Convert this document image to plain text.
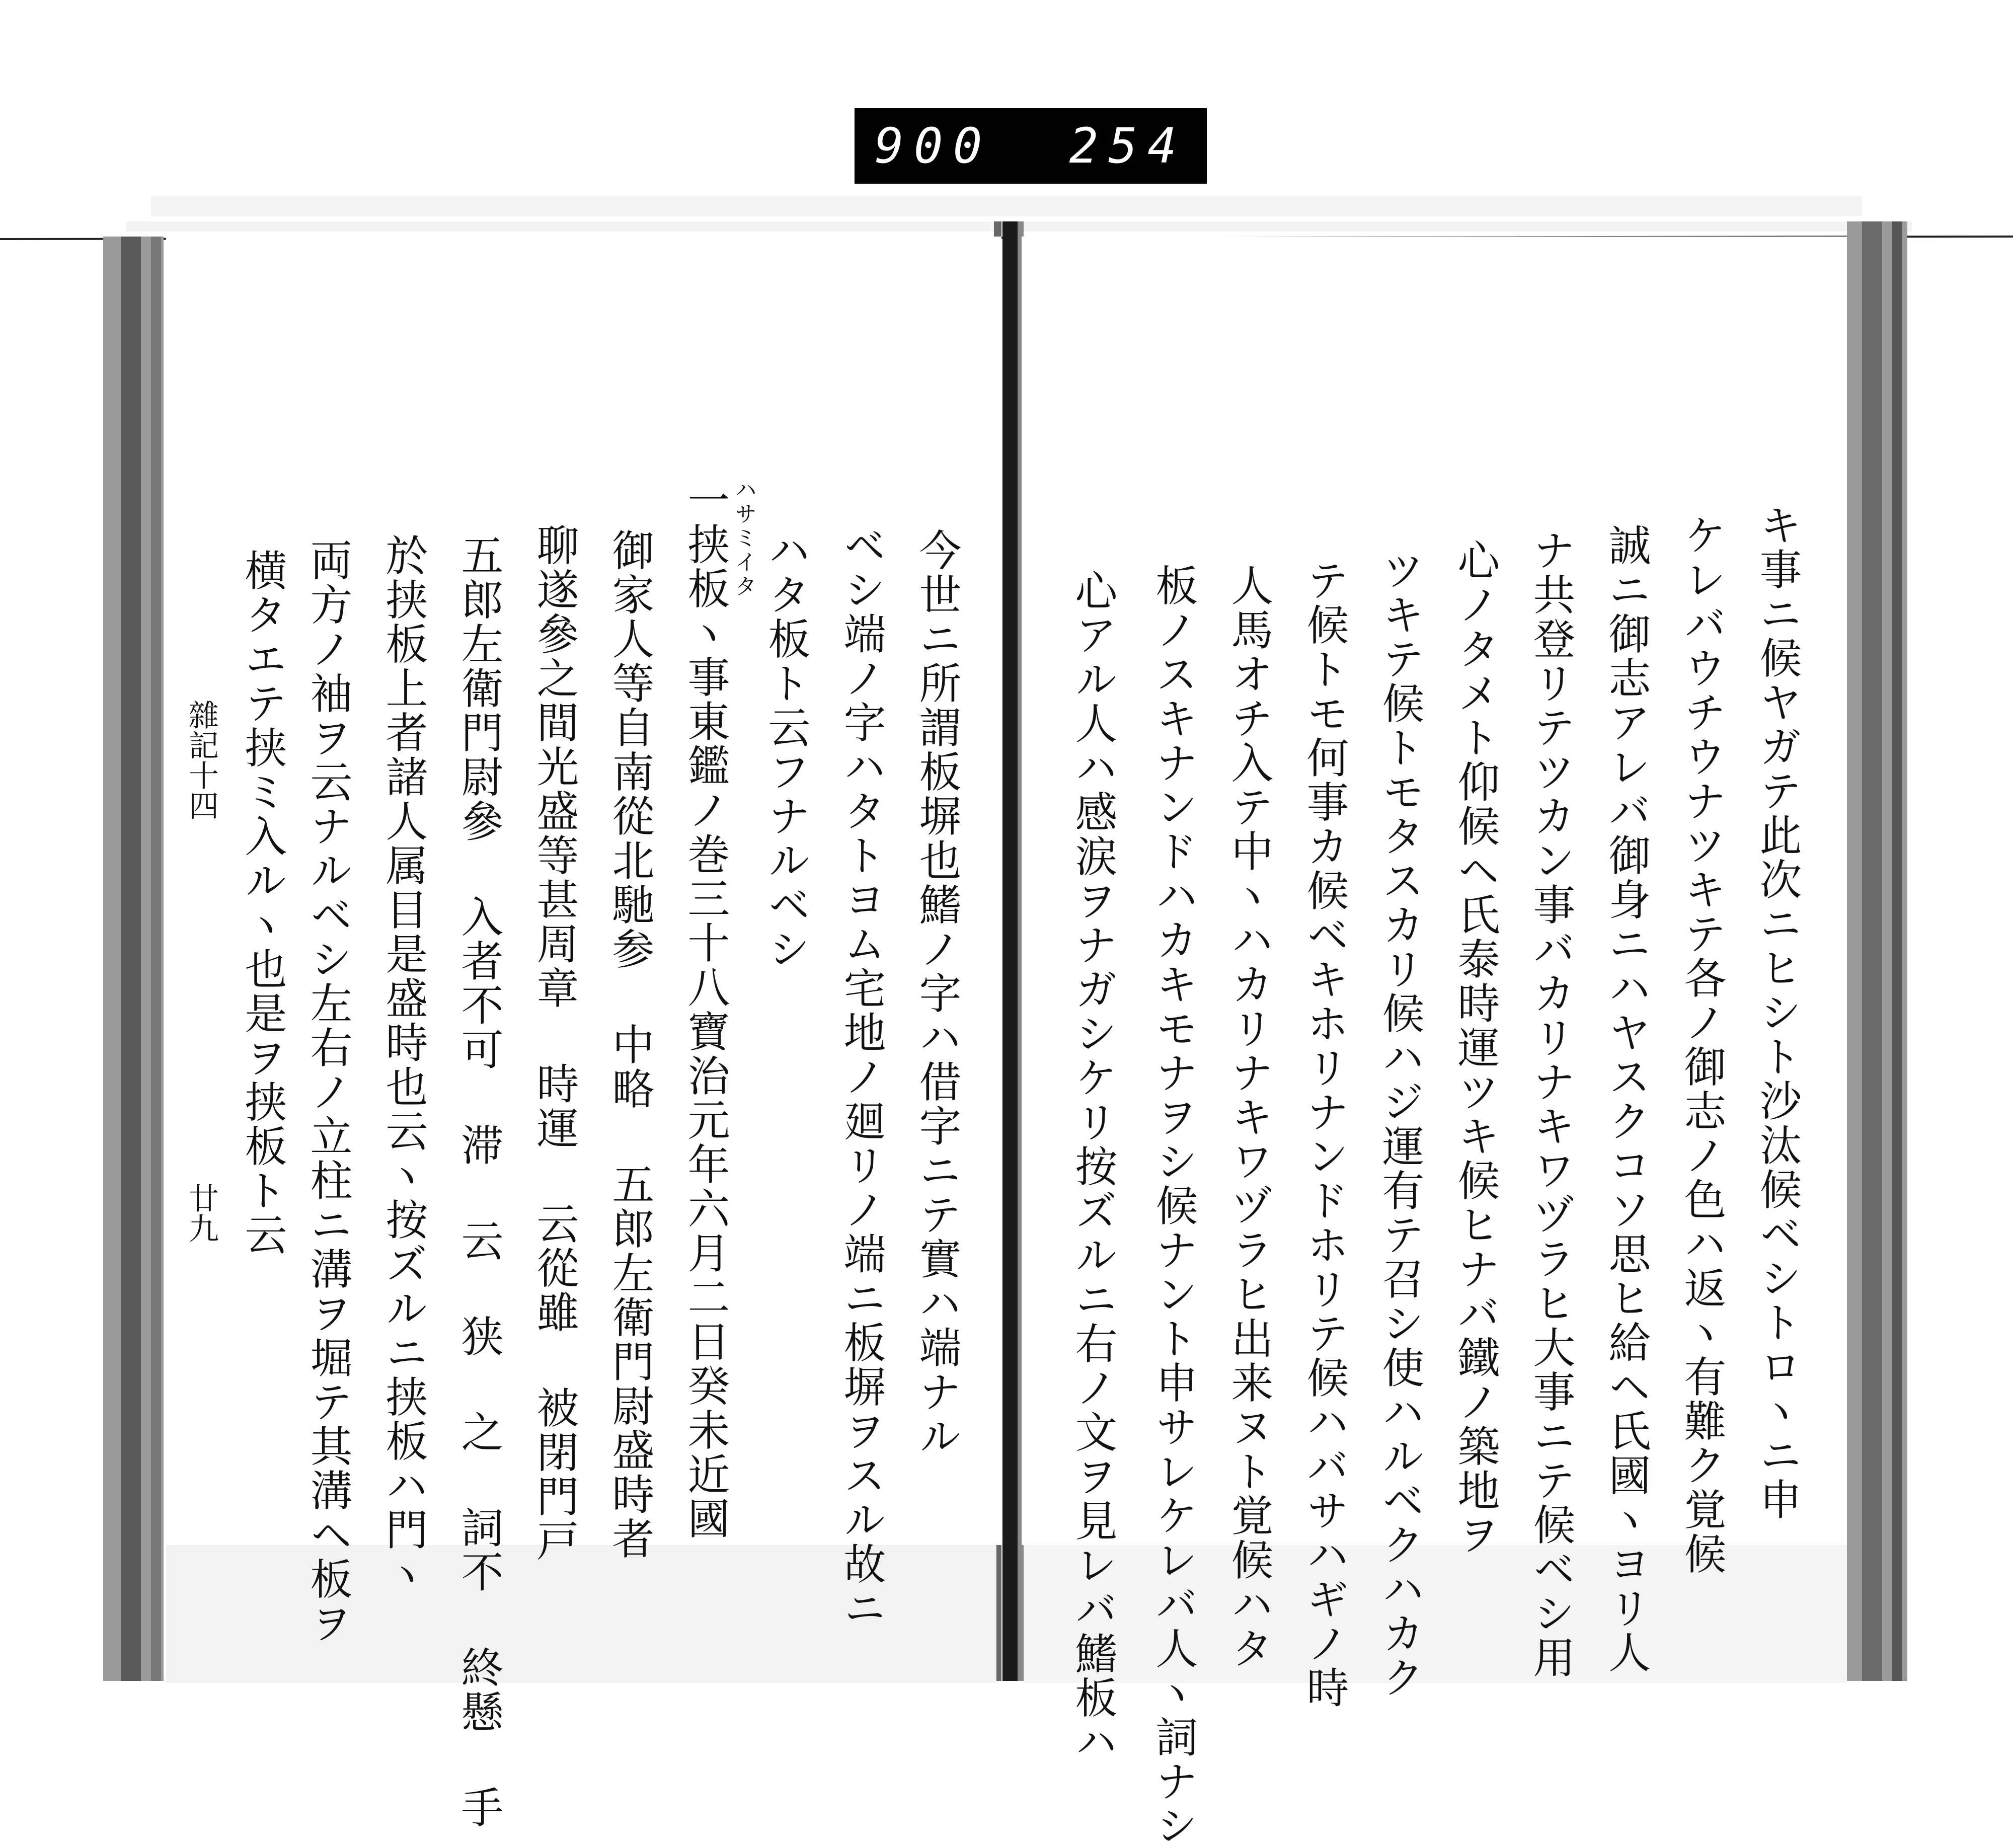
900 254
キ事ニ候ヤガテ此次ニヒシト沙汰候ベシトロヽニ申
ケレバウチウナツキテ各ノ御志ノ色ハ返ヽ有難ク覚候
誠ニ御志アレバ御身ニハヤスクコソ思ヒ給ヘ氏國ヽヨリ人
ナ共登リテツカン事バカリナキワヅラヒ大事ニテ候ベシ用
心ノタメト仰候ヘ氏泰時運ツキ候ヒナバ鐵ノ築地ヲ
ツキテ候トモタスカリ候ハジ運有テ召シ使ハルベクハカク
テ候トモ何事カ候ベキホリナンドホリテ候ハバサハギノ時
人馬オチ入テ中ヽハカリナキワヅラヒ出来ヌト覚候ハタ
板ノスキナンドハカキモナヲシ候ナント申サレケレバ人ヽ詞ナシ
心アル人ハ感涙ヲナガシケリ按ズルニ右ノ文ヲ見レバ鰭板ハ
今世ニ所謂板塀也鰭ノ字ハ借字ニテ實ハ端ナル
ベシ端ノ字ハタトヨム宅地ノ廻リノ端ニ板塀ヲスル故ニ
ハタ板ト云フナルベシ
ハサミイタ
一挟板ヽ事東鑑ノ巻三十八寶治元年六月二日癸未近國
御家人等自南從北馳参 中略 五郎左衛門尉盛時者
聊遂參之間光盛等甚周章 時運 云從雖 被閉門戸
五郎左衛門尉參 入者不可 滞 云 狭 之 詞不 終懸 手
於挟板上者諸人属目是盛時也云ヽ按ズルニ挟板ハ門ヽ
両方ノ袖ヲ云ナルベシ左右ノ立柱ニ溝ヲ堀テ其溝ヘ板ヲ
横タエテ挟ミ入ルヽ也是ヲ挟板ト云
雜記十四
廿九
